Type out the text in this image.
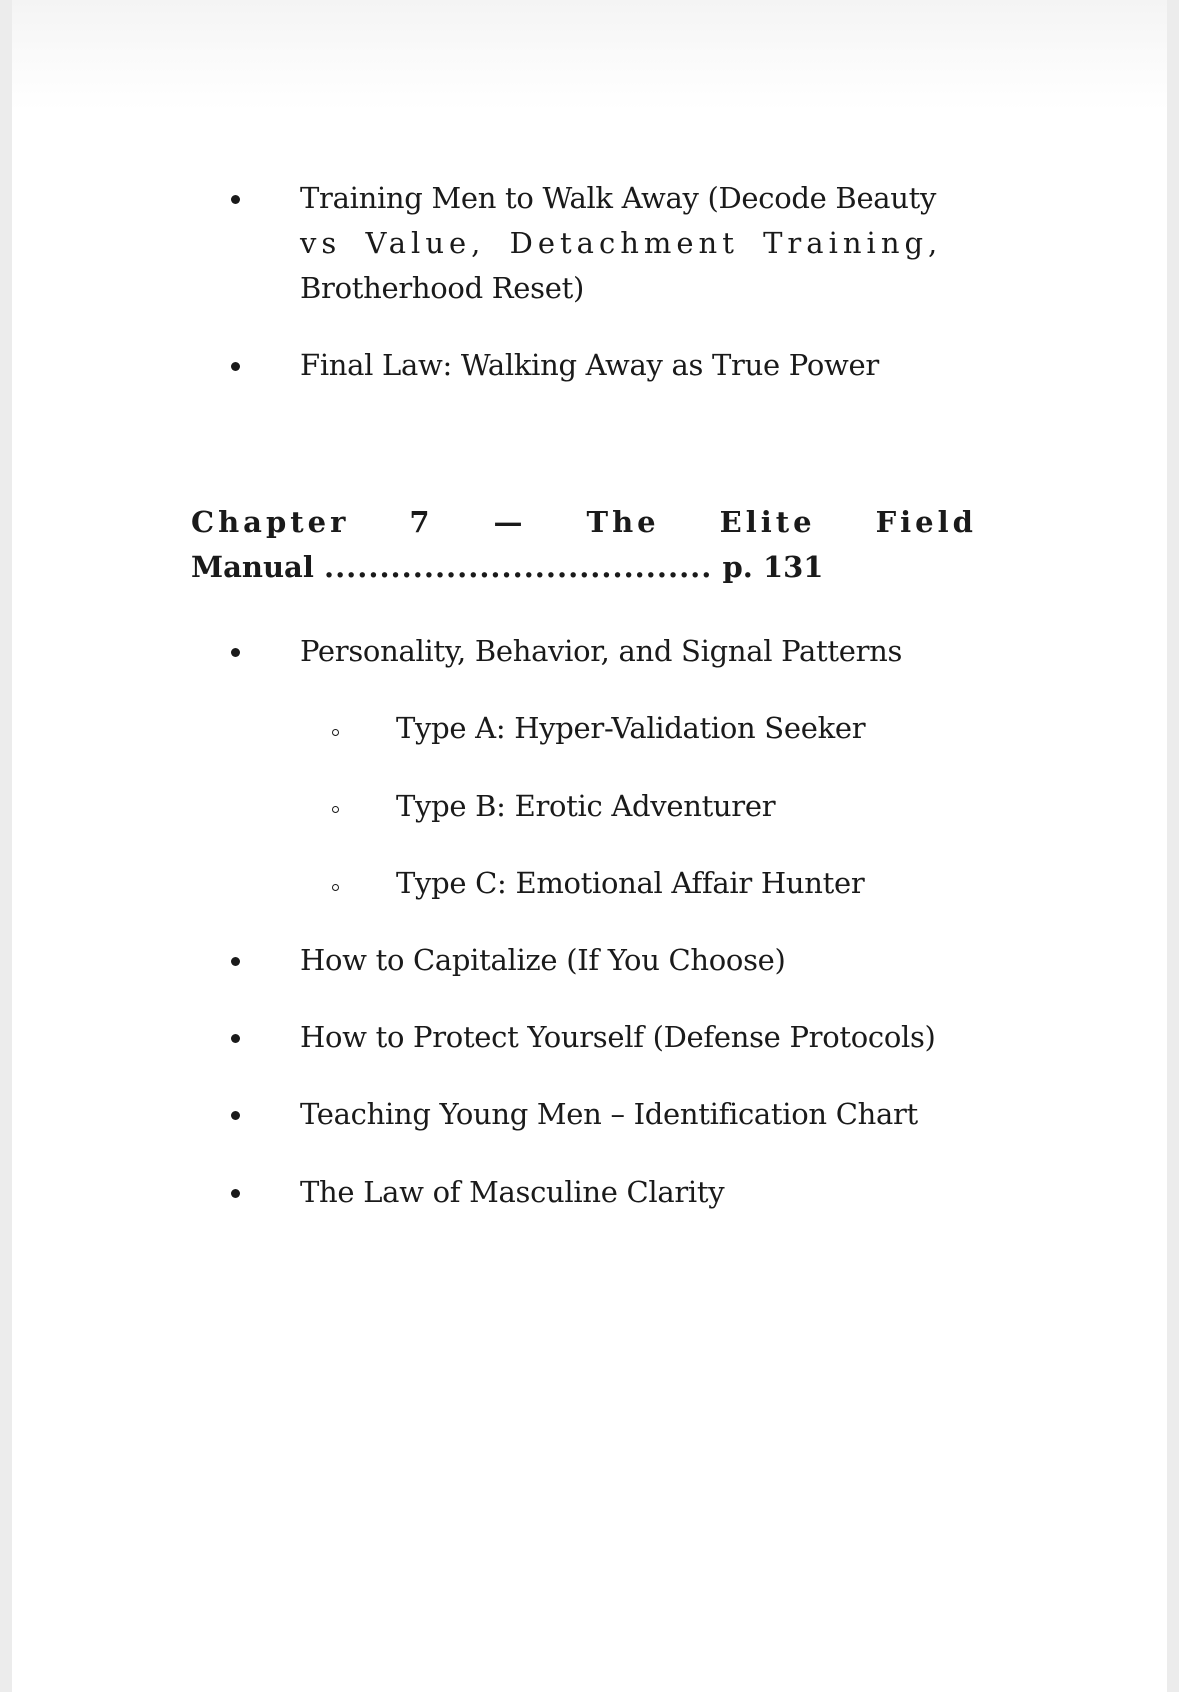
Training Men to Walk Away (Decode Beauty
vs Value, Detachment Training,
Brotherhood Reset)
Final Law: Walking Away as True Power
Chapter 7 — The Elite Field
Manual ................................... p. 131
Personality, Behavior, and Signal Patterns
Type A: Hyper-Validation Seeker
Type B: Erotic Adventurer
Type C: Emotional Affair Hunter
How to Capitalize (If You Choose)
How to Protect Yourself (Defense Protocols)
Teaching Young Men – Identification Chart
The Law of Masculine Clarity
